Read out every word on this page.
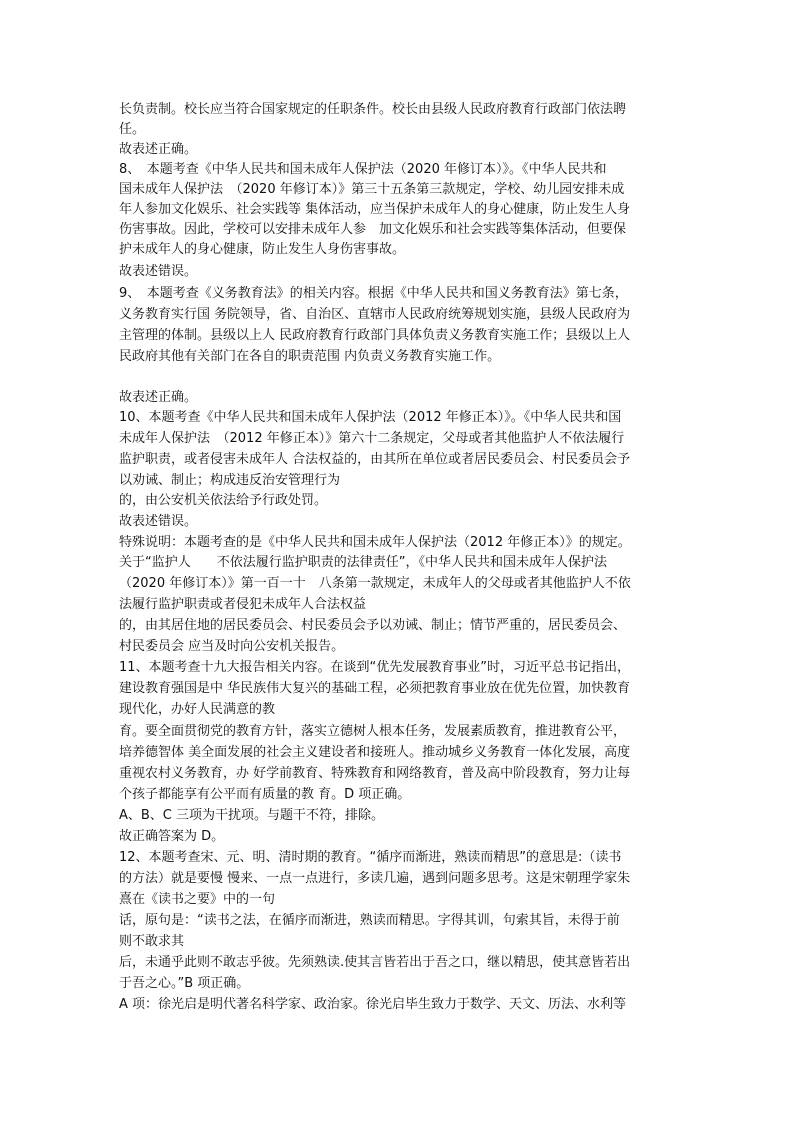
长负责制。校长应当符合国家规定的任职条件。校长由县级人民政府教育行政部门依法聘

任。

故表述正确。

8、　本题考查《中华人民共和国未成年人保护法（2020 年修订本）》。《中华人民共和

国未成年人保护法　（2020 年修订本）》第三十五条第三款规定，学校、幼儿园安排未成

年人参加文化娱乐、社会实践等 集体活动，应当保护未成年人的身心健康，防止发生人身

伤害事故。因此，学校可以安排未成年人参　加文化娱乐和社会实践等集体活动，但要保

护未成年人的身心健康，防止发生人身伤害事故。

故表述错误。

9、　本题考查《义务教育法》的相关内容。根据《中华人民共和国义务教育法》第七条，

义务教育实行国 务院领导，省、自治区、直辖市人民政府统筹规划实施，县级人民政府为

主管理的体制。县级以上人 民政府教育行政部门具体负责义务教育实施工作；县级以上人

民政府其他有关部门在各自的职责范围 内负责义务教育实施工作。

故表述正确。

10、本题考查《中华人民共和国未成年人保护法（2012 年修正本）》。《中华人民共和国

未成年人保护法　（2012 年修正本）》第六十二条规定，父母或者其他监护人不依法履行

监护职责，或者侵害未成年人 合法权益的，由其所在单位或者居民委员会、村民委员会予

以劝诫、制止；构成违反治安管理行为

的，由公安机关依法给予行政处罚。

故表述错误。

特殊说明：本题考查的是《中华人民共和国未成年人保护法（2012 年修正本）》的规定。

关于“监护人　　不依法履行监护职责的法律责任”，《中华人民共和国未成年人保护法

（2020 年修订本）》第一百一十　八条第一款规定，未成年人的父母或者其他监护人不依

法履行监护职责或者侵犯未成年人合法权益

的，由其居住地的居民委员会、村民委员会予以劝诫、制止；情节严重的，居民委员会、

村民委员会 应当及时向公安机关报告。

11、本题考查十九大报告相关内容。在谈到“优先发展教育事业”时，习近平总书记指出，

建设教育强国是中 华民族伟大复兴的基础工程，必须把教育事业放在优先位置，加快教育

现代化，办好人民满意的教

育。要全面贯彻党的教育方针，落实立德树人根本任务，发展素质教育，推进教育公平，

培养德智体 美全面发展的社会主义建设者和接班人。推动城乡义务教育一体化发展，高度

重视农村义务教育，办 好学前教育、特殊教育和网络教育，普及高中阶段教育，努力让每

个孩子都能享有公平而有质量的教 育。D 项正确。

A、B、C 三项为干扰项。与题干不符，排除。

故正确答案为 D。

12、本题考查宋、元、明、清时期的教育。“循序而渐进，熟读而精思”的意思是:（读书

的方法）就是要慢 慢来、一点一点进行，多读几遍，遇到问题多思考。这是宋朝理学家朱

熹在《读书之要》中的一句

话，原句是：“读书之法，在循序而渐进，熟读而精思。字得其训，句索其旨，未得于前

则不敢求其

后，未通乎此则不敢志乎彼。先须熟读.使其言皆若出于吾之口，继以精思，使其意皆若出

于吾之心。”B 项正确。

A 项：徐光启是明代著名科学家、政治家。徐光启毕生致力于数学、天文、历法、水利等
